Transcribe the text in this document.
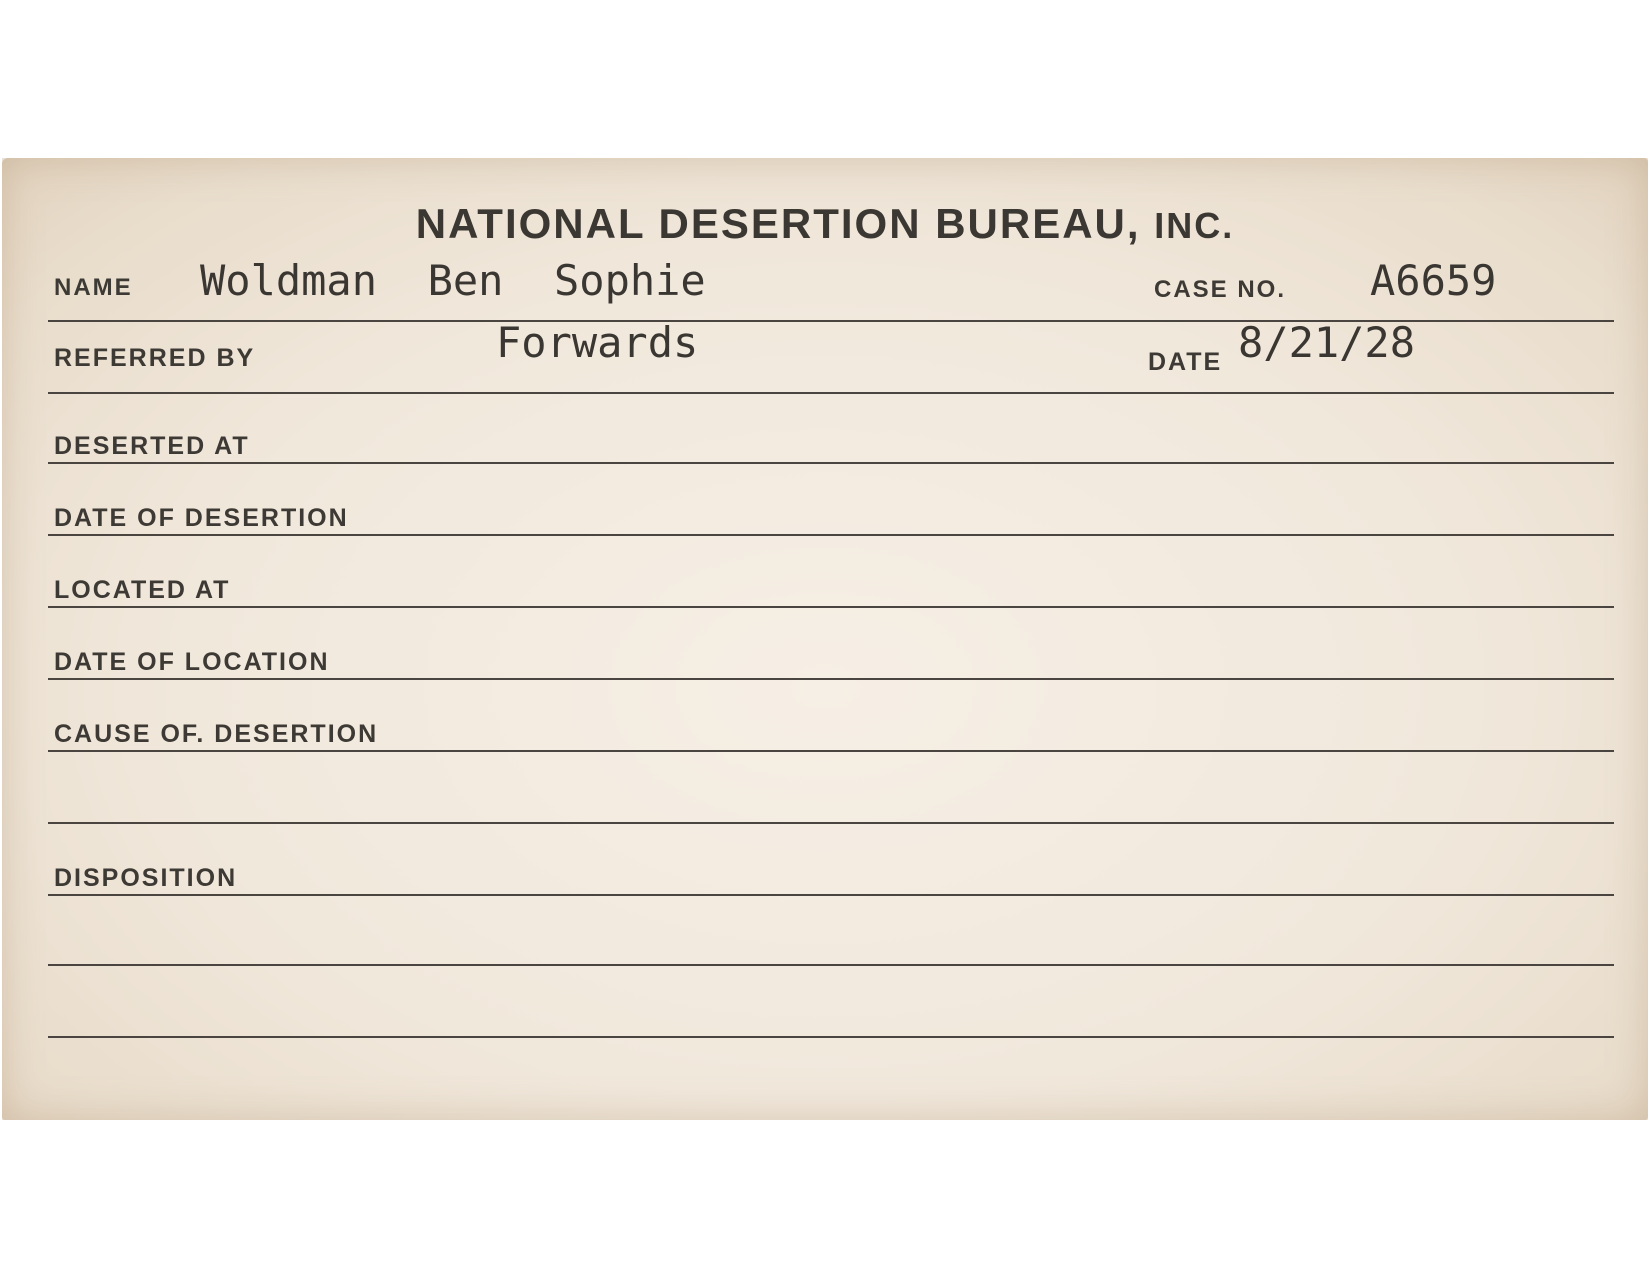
NATIONAL DESERTION BUREAU, INC.
NAME Woldman  Ben  Sophie	CASE NO. A6659
REFERRED BY	Forwards	DATE 8/21/28
DESERTED AT
DATE OF DESERTION
LOCATED AT
DATE OF LOCATION
CAUSE OF. DESERTION
DISPOSITION
